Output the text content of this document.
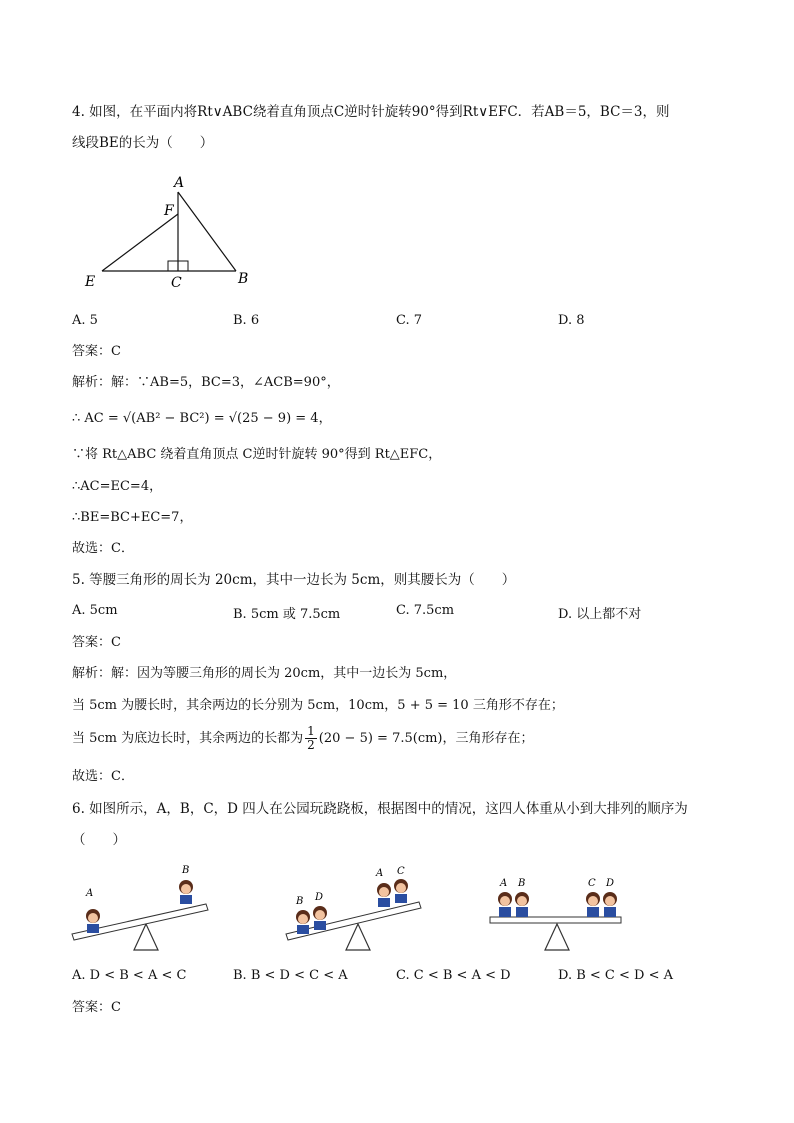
4. 如图，在平面内将Rt∨ABC绕着直角顶点C逆时针旋转90°得到Rt∨EFC．若AB＝5，BC＝3，则
线段BE的长为（　　）
A
F
E	C	B
A. 5	B. 6	C. 7	D. 8
答案：C
解析：解：∵AB=5，BC=3，∠ACB=90°，
∴ AC = √(AB² − BC²) = √(25 − 9) = 4，
∵将 Rt△ABC 绕着直角顶点 C逆时针旋转 90°得到 Rt△EFC，
∴AC=EC=4，
∴BE=BC+EC=7，
故选：C．
5. 等腰三角形的周长为 20cm，其中一边长为 5cm，则其腰长为（　　）
A. 5cm	B. 5cm 或 7.5cm	C. 7.5cm	D. 以上都不对
答案：C
解析：解：因为等腰三角形的周长为 20cm，其中一边长为 5cm，
当 5cm 为腰长时，其余两边的长分别为 5cm，10cm，5 + 5 = 10 三角形不存在；
当 5cm 为底边长时，其余两边的长都为 $\frac{1}{2} (20 - 5) = 7.5(cm)$，三角形存在；
故选：C．
6. 如图所示，A，B，C，D 四人在公园玩跷跷板，根据图中的情况，这四人体重从小到大排列的顺序为
（　　）
A
B
B D
A C
A B	C D
A. D < B < A < C	B. B < D < C < A	C. C < B < A < D	D. B < C < D < A
答案：C
